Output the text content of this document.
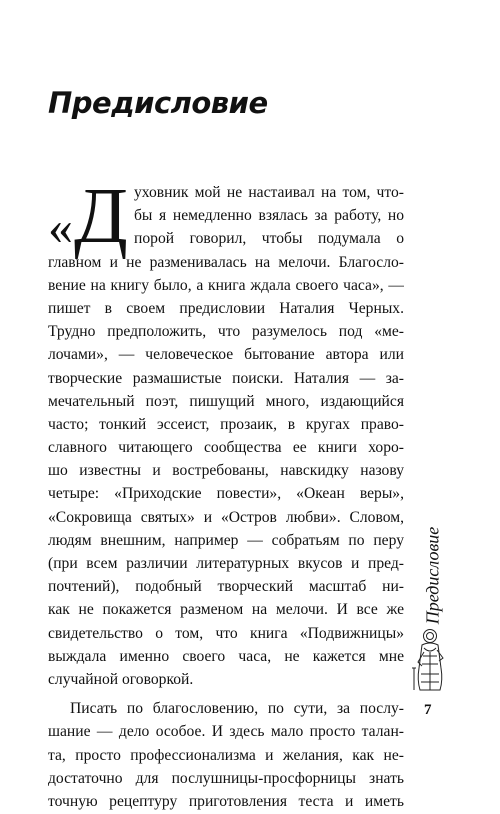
Предисловие
« Д уховник мой не настаивал на том, что-
бы я немедленно взялась за работу, но
порой говорил, чтобы подумала о
главном и не разменивалась на мелочи. Благосло-
вение на книгу было, а книга ждала своего часа», —
пишет в своем предисловии Наталия Черных.
Трудно предположить, что разумелось под «ме-
лочами», — человеческое бытование автора или
творческие размашистые поиски. Наталия — за-
мечательный поэт, пишущий много, издающийся
часто; тонкий эссеист, прозаик, в кругах право-
славного читающего сообщества ее книги хоро-
шо известны и востребованы, навскидку назову
четыре: «Приходские повести», «Океан веры»,
«Сокровища святых» и «Остров любви». Словом,
людям внешним, например — собратьям по перу
(при всем различии литературных вкусов и пред-
почтений), подобный творческий масштаб ни-
как не покажется разменом на мелочи. И все же
свидетельство о том, что книга «Подвижницы»
выждала именно своего часа, не кажется мне
случайной оговоркой.
Писать по благословению, по сути, за послу-
шание — дело особое. И здесь мало просто талан-
та, просто профессионализма и желания, как не-
достаточно для послушницы-просфорницы знать
точную рецептуру приготовления теста и иметь
Предисловие
7
